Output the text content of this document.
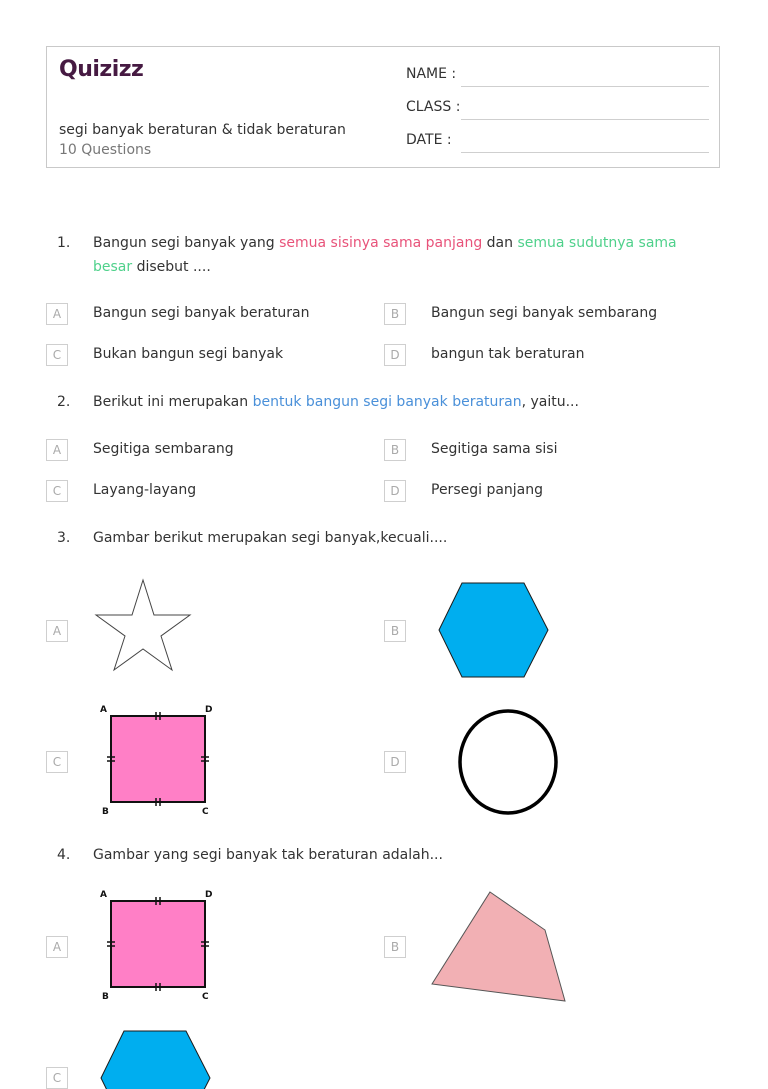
Quizizz
segi banyak beraturan & tidak beraturan
10 Questions
NAME :
CLASS :
DATE :
1. Bangun segi banyak yang semua sisinya sama panjang dan semua sudutnya sama besar disebut ....
A	Bangun segi banyak beraturan	B	Bangun segi banyak sembarang
C	Bukan bangun segi banyak	D	bangun tak beraturan
2. Berikut ini merupakan bentuk bangun segi banyak beraturan, yaitu...
A	Segitiga sembarang	B	Segitiga sama sisi
C	Layang-layang	D	Persegi panjang
3. Gambar berikut merupakan segi banyak,kecuali....
A	B
C
A	D
B	C
D
4. Gambar yang segi banyak tak beraturan adalah...
A
A	D
B	C
B
C
